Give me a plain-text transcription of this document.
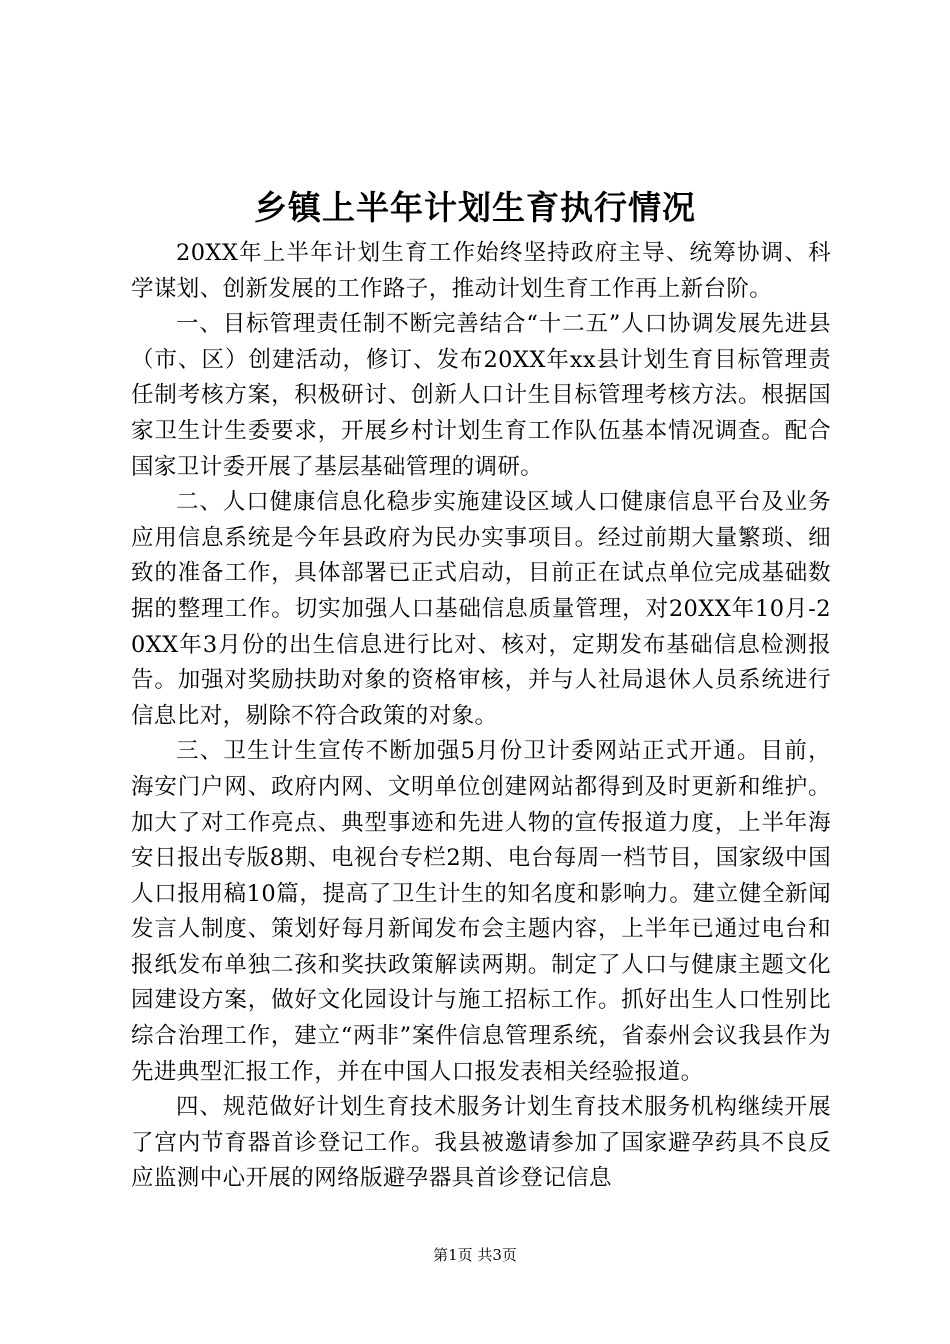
乡镇上半年计划生育执行情况

20XX年上半年计划生育工作始终坚持政府主导、统筹协调、科学谋划、创新发展的工作路子，推动计划生育工作再上新台阶。

一、目标管理责任制不断完善结合“十二五”人口协调发展先进县（市、区）创建活动，修订、发布20XX年xx县计划生育目标管理责任制考核方案，积极研讨、创新人口计生目标管理考核方法。根据国家卫生计生委要求，开展乡村计划生育工作队伍基本情况调查。配合国家卫计委开展了基层基础管理的调研。

二、人口健康信息化稳步实施建设区域人口健康信息平台及业务应用信息系统是今年县政府为民办实事项目。经过前期大量繁琐、细致的准备工作，具体部署已正式启动，目前正在试点单位完成基础数据的整理工作。切实加强人口基础信息质量管理，对20XX年10月-20XX年3月份的出生信息进行比对、核对，定期发布基础信息检测报告。加强对奖励扶助对象的资格审核，并与人社局退休人员系统进行信息比对，剔除不符合政策的对象。

三、卫生计生宣传不断加强5月份卫计委网站正式开通。目前，海安门户网、政府内网、文明单位创建网站都得到及时更新和维护。加大了对工作亮点、典型事迹和先进人物的宣传报道力度，上半年海安日报出专版8期、电视台专栏2期、电台每周一档节目，国家级中国人口报用稿10篇，提高了卫生计生的知名度和影响力。建立健全新闻发言人制度、策划好每月新闻发布会主题内容，上半年已通过电台和报纸发布单独二孩和奖扶政策解读两期。制定了人口与健康主题文化园建设方案，做好文化园设计与施工招标工作。抓好出生人口性别比综合治理工作，建立“两非”案件信息管理系统，省泰州会议我县作为先进典型汇报工作，并在中国人口报发表相关经验报道。

四、规范做好计划生育技术服务计划生育技术服务机构继续开展了宫内节育器首诊登记工作。我县被邀请参加了国家避孕药具不良反应监测中心开展的网络版避孕器具首诊登记信息

第1页 共3页
